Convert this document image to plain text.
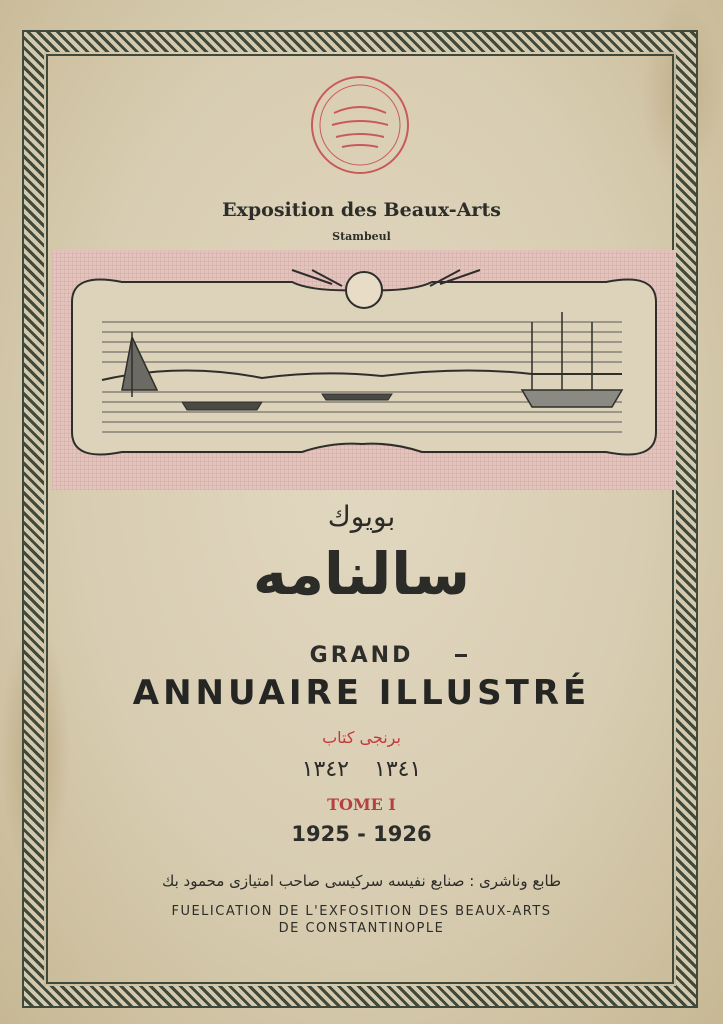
Exposition des Beaux-Arts
Stambeul
بويوك
سالنامه
GRAND
ANNUAIRE ILLUSTRÉ
برنجى كتاب
١٣٤١ ١٣٤٢
TOME I
1925 - 1926
طابع وناشرى : صنايع نفيسه سركيسى صاحب امتيازى محمود بك
FUELICATION DE L'EXFOSITION DES BEAUX-ARTS
DE CONSTANTINOPLE
